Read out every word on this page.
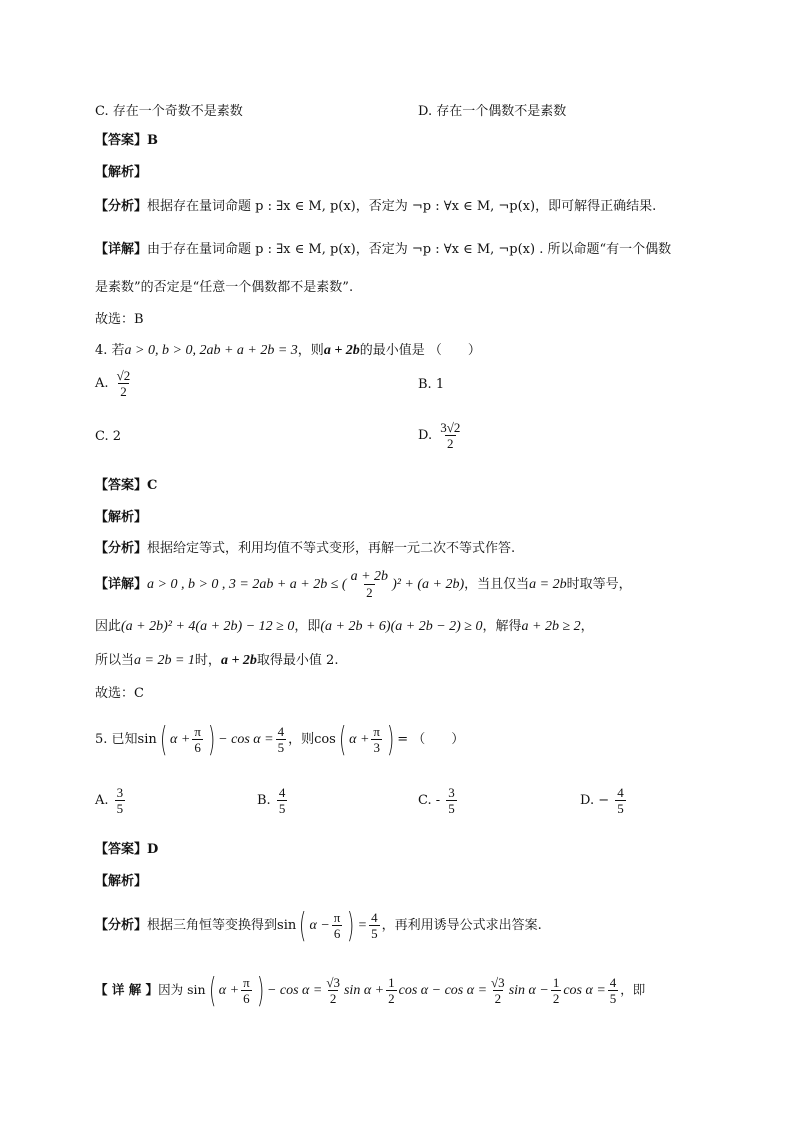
C. 存在一个奇数不是素数	D. 存在一个偶数不是素数
【答案】B
【解析】
【分析】根据存在量词命题 p : ∃x ∈ M, p(x)，否定为 ¬p : ∀x ∈ M, ¬p(x)，即可解得正确结果.
【详解】由于存在量词命题 p : ∃x ∈ M, p(x)，否定为 ¬p : ∀x ∈ M, ¬p(x) . 所以命题“有一个偶数
是素数”的否定是“任意一个偶数都不是素数”.
故选：B
4. 若a > 0, b > 0, 2ab + a + 2b = 3，则a + 2b的最小值是 （　　）
A. $\frac{√2}{2}$	B. 1
C. 2	D. $\frac{3√2}{2}$
【答案】C
【解析】
【分析】根据给定等式，利用均值不等式变形，再解一元二次不等式作答.
【详解】a > 0 , b > 0 , 3 = 2ab + a + 2b ≤ ( $\frac{a + 2b}{2} )^2 + (a + 2b)$，当且仅当a = 2b时取等号，
因此(a + 2b)² + 4(a + 2b) − 12 ≥ 0，即(a + 2b + 6)(a + 2b − 2) ≥ 0，解得a + 2b ≥ 2，
所以当a = 2b = 1时，a + 2b取得最小值 2.
故选：C
5. 已知sin( $\alpha + \frac{\pi}{6}$ ) − $\cos \alpha = \frac{4}{5}$ ，则cos( $\alpha + \frac{\pi}{3}$ ) = （　　）
A. $\frac{3}{5}$	B. $\frac{4}{5}$	C. - $\frac{3}{5}$	D. − $\frac{4}{5}$
【答案】D
【解析】
【分析】根据三角恒等变换得到sin( $\alpha - \frac{\pi}{6}$ ) = $\frac{4}{5}$ ，再利用诱导公式求出答案.
【 详 解 】因为 sin( $\alpha + \frac{\pi}{6}$ ) − $\cos \alpha = \frac{√3}{2}$ $\sin \alpha + \frac{1}{2}$ $\cos \alpha - \cos \alpha = \frac{√3}{2}$ $\sin \alpha - \frac{1}{2}$ $\cos \alpha = \frac{4}{5}$ ，即
